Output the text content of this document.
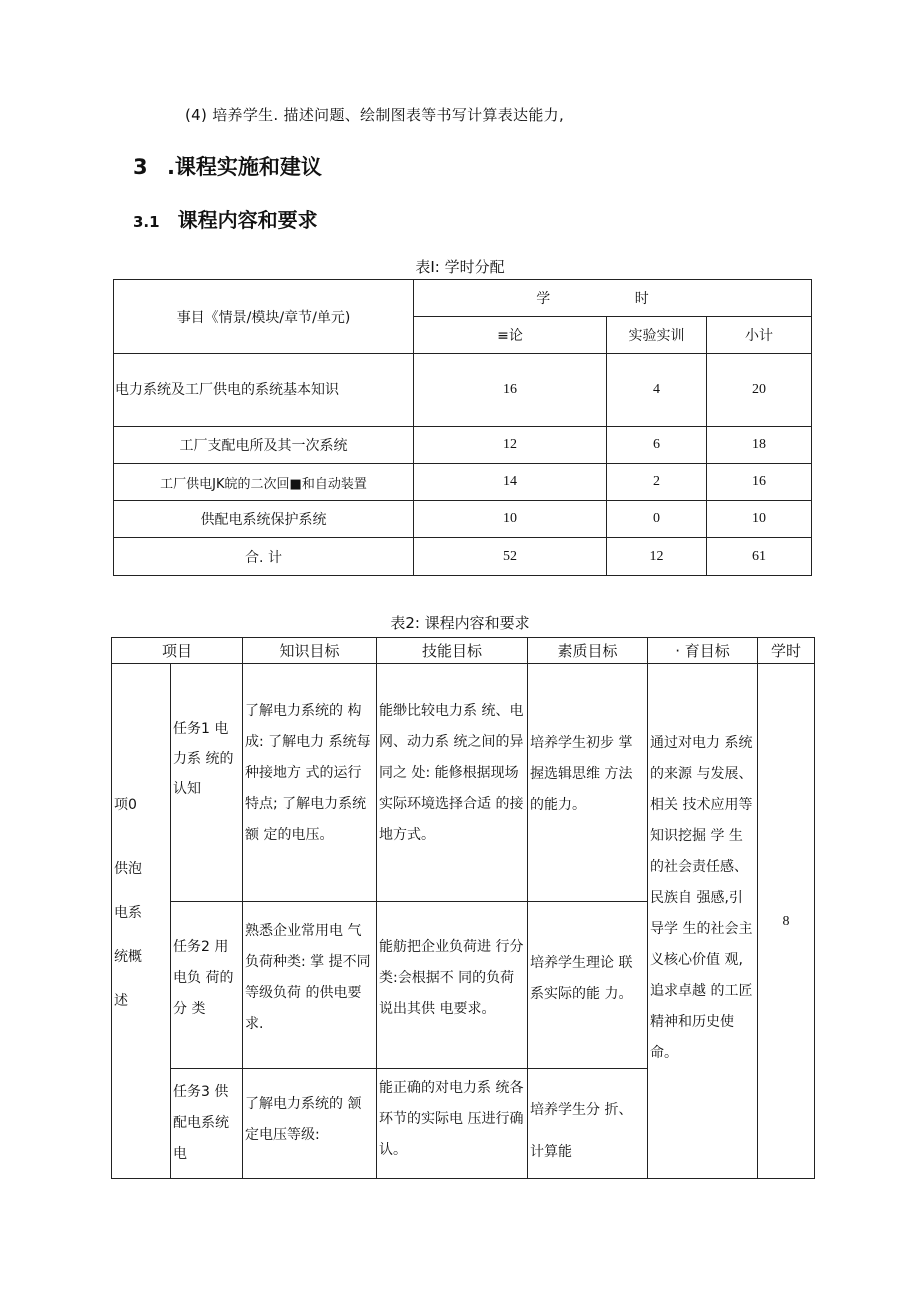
(4) 培养学生. 描述问题、绘制图表等书写计算表达能力,
3 .课程实施和建议
3.1 课程内容和要求
表Ⅰ: 学时分配
事目《情景/模块/章节/单元)	学 时		
	≡论	实验实训	小计
电力系统及工厂供电的系统基本知识	16	4	20
工厂支配电所及其一次系统	12	6	18
工厂供电JK皖的二次回■和自动装置	14	2	16
供配电系统保护系统	10	0	10
合. 计	52	12	61
表2: 课程内容和要求
项目		知识目标	技能目标	素质目标	· 育目标	学时

项0
供泡电系统概述	任务1 电力系 统的认知	了解电力系统的 构成: 了解电力 系统每种接地方 式的运行特点; 了解电力系统额 定的电压。	能缈比较电力系 统、电网、动力系 统之间的异同之 处: 能修根据现场 实际环境选择合适 的接地方式。	培养学生初步 掌握选辑思维 方法的能力。	通过对电力 系统的来源 与发展、相关 技术应用等 知识挖掘 学 生的社会责任感、民族自 强感,引导学 生的社会主 义核心价值 观,追求卓越 的工匠精神和历史使命。	8

	任务2 用电负 荷的分 类	熟悉企业常用电 气负荷种类: 掌 提不同等级负荷 的供电要求.	能舫把企业负荷进 行分类:会根据不 同的负荷说出其供 电要求。	培养学生理论 联系实际的能 力。		

	任务3 供配电系统电	了解电力系统的 颔定电压等级:	能正确的对电力系 统各环节的实际电 压进行确认。	培养学生分 折、计算能		
